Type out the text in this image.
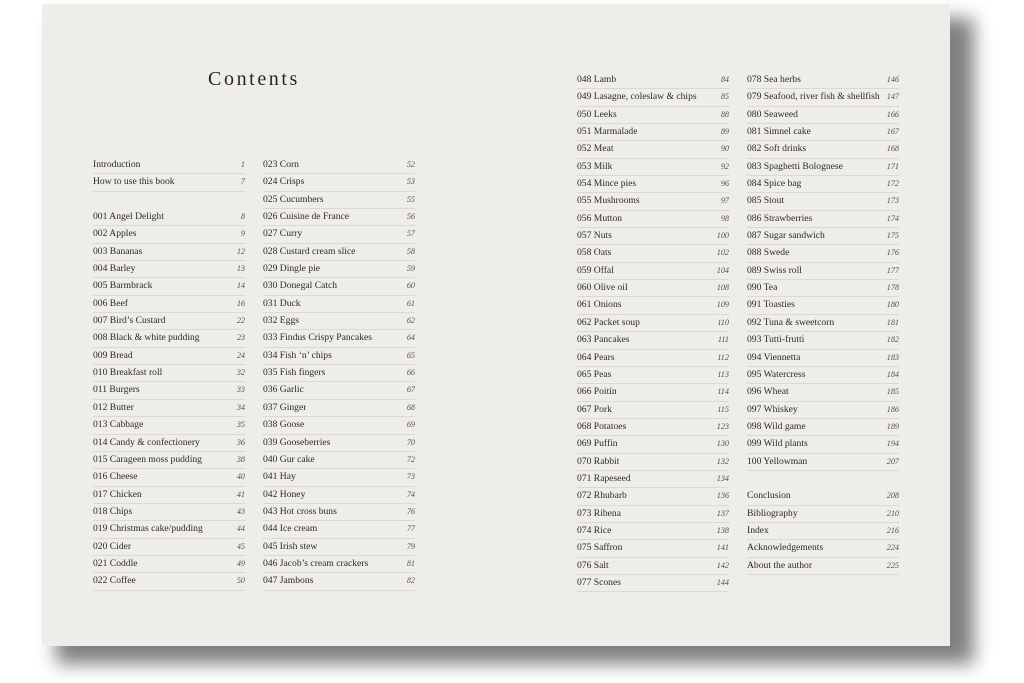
Contents
Introduction	1
How to use this book	7
001 Angel Delight	8
002 Apples	9
003 Bananas	12
004 Barley	13
005 Barmbrack	14
006 Beef	16
007 Bird’s Custard	22
008 Black & white pudding	23
009 Bread	24
010 Breakfast roll	32
011 Burgers	33
012 Butter	34
013 Cabbage	35
014 Candy & confectionery	36
015 Carageen moss pudding	38
016 Cheese	40
017 Chicken	41
018 Chips	43
019 Christmas cake/pudding	44
020 Cider	45
021 Coddle	49
022 Coffee	50
023 Corn	52
024 Crisps	53
025 Cucumbers	55
026 Cuisine de France	56
027 Curry	57
028 Custard cream slice	58
029 Dingle pie	59
030 Donegal Catch	60
031 Duck	61
032 Eggs	62
033 Findus Crispy Pancakes	64
034 Fish ‘n’ chips	65
035 Fish fingers	66
036 Garlic	67
037 Ginger	68
038 Goose	69
039 Gooseberries	70
040 Gur cake	72
041 Hay	73
042 Honey	74
043 Hot cross buns	76
044 Ice cream	77
045 Irish stew	79
046 Jacob’s cream crackers	81
047 Jambons	82
048 Lamb	84
049 Lasagne, coleslaw & chips	85
050 Leeks	88
051 Marmalade	89
052 Meat	90
053 Milk	92
054 Mince pies	96
055 Mushrooms	97
056 Mutton	98
057 Nuts	100
058 Oats	102
059 Offal	104
060 Olive oil	108
061 Onions	109
062 Packet soup	110
063 Pancakes	111
064 Pears	112
065 Peas	113
066 Poitín	114
067 Pork	115
068 Potatoes	123
069 Puffin	130
070 Rabbit	132
071 Rapeseed	134
072 Rhubarb	136
073 Ribena	137
074 Rice	138
075 Saffron	141
076 Salt	142
077 Scones	144
078 Sea herbs	146
079 Seafood, river fish & shellfish 147
080 Seaweed	166
081 Simnel cake	167
082 Soft drinks	168
083 Spaghetti Bolognese	171
084 Spice bag	172
085 Stout	173
086 Strawberries	174
087 Sugar sandwich	175
088 Swede	176
089 Swiss roll	177
090 Tea	178
091 Toasties	180
092 Tuna & sweetcorn	181
093 Tutti-frutti	182
094 Viennetta	183
095 Watercress	184
096 Wheat	185
097 Whiskey	186
098 Wild game	189
099 Wild plants	194
100 Yellowman	207
Conclusion	208
Bibliography	210
Index	216
Acknowledgements	224
About the author	225
